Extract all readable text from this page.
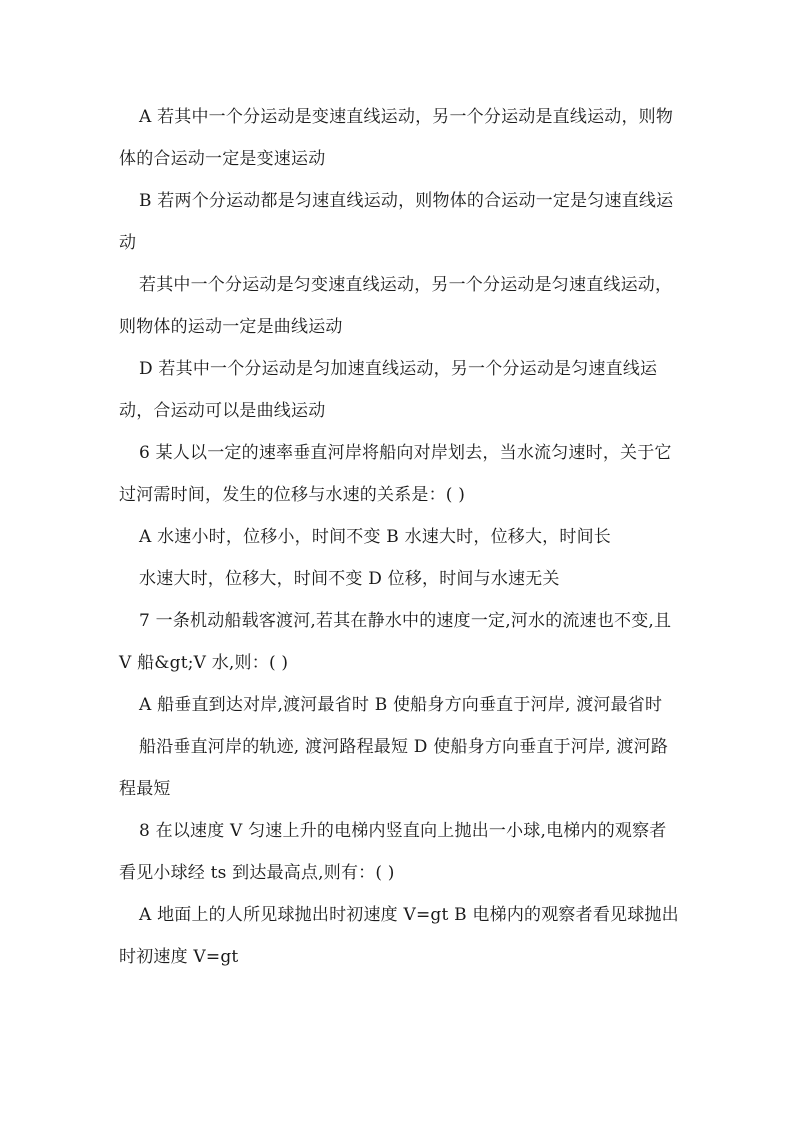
A 若其中一个分运动是变速直线运动，另一个分运动是直线运动，则物体的合运动一定是变速运动

B 若两个分运动都是匀速直线运动，则物体的合运动一定是匀速直线运动

若其中一个分运动是匀变速直线运动，另一个分运动是匀速直线运动，则物体的运动一定是曲线运动

D 若其中一个分运动是匀加速直线运动，另一个分运动是匀速直线运动，合运动可以是曲线运动

6 某人以一定的速率垂直河岸将船向对岸划去，当水流匀速时，关于它过河需时间，发生的位移与水速的关系是：( )

A 水速小时，位移小，时间不变 B 水速大时，位移大，时间长

水速大时，位移大，时间不变 D 位移，时间与水速无关

7 一条机动船载客渡河,若其在静水中的速度一定,河水的流速也不变,且 V 船&gt;V 水,则：( )

A 船垂直到达对岸,渡河最省时 B 使船身方向垂直于河岸, 渡河最省时

船沿垂直河岸的轨迹, 渡河路程最短 D 使船身方向垂直于河岸, 渡河路程最短

8 在以速度 V 匀速上升的电梯内竖直向上抛出一小球,电梯内的观察者看见小球经 ts 到达最高点,则有：( )

A 地面上的人所见球抛出时初速度 V=gt B 电梯内的观察者看见球抛出时初速度 V=gt
